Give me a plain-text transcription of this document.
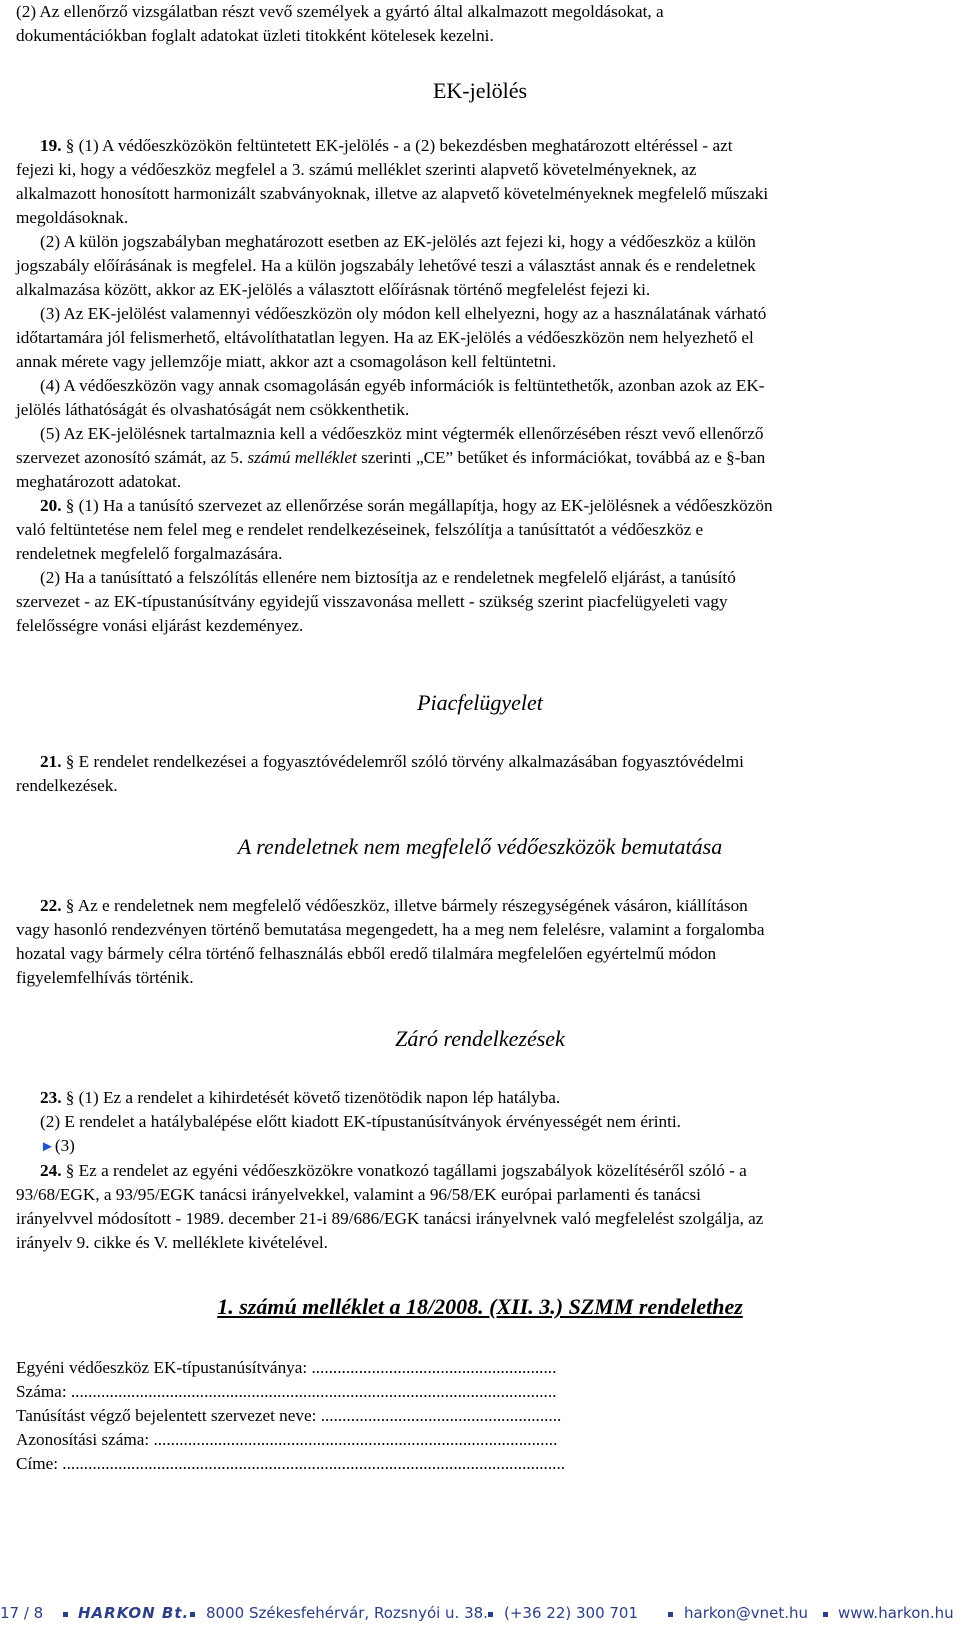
(2) Az ellenőrző vizsgálatban részt vevő személyek a gyártó által alkalmazott megoldásokat, a
dokumentációkban foglalt adatokat üzleti titokként kötelesek kezelni.
EK-jelölés
19. § (1) A védőeszközökön feltüntetett EK-jelölés - a (2) bekezdésben meghatározott eltéréssel - azt
fejezi ki, hogy a védőeszköz megfelel a 3. számú melléklet szerinti alapvető követelményeknek, az
alkalmazott honosított harmonizált szabványoknak, illetve az alapvető követelményeknek megfelelő műszaki
megoldásoknak.
(2) A külön jogszabályban meghatározott esetben az EK-jelölés azt fejezi ki, hogy a védőeszköz a külön
jogszabály előírásának is megfelel. Ha a külön jogszabály lehetővé teszi a választást annak és e rendeletnek
alkalmazása között, akkor az EK-jelölés a választott előírásnak történő megfelelést fejezi ki.
(3) Az EK-jelölést valamennyi védőeszközön oly módon kell elhelyezni, hogy az a használatának várható
időtartamára jól felismerhető, eltávolíthatatlan legyen. Ha az EK-jelölés a védőeszközön nem helyezhető el
annak mérete vagy jellemzője miatt, akkor azt a csomagoláson kell feltüntetni.
(4) A védőeszközön vagy annak csomagolásán egyéb információk is feltüntethetők, azonban azok az EK-
jelölés láthatóságát és olvashatóságát nem csökkenthetik.
(5) Az EK-jelölésnek tartalmaznia kell a védőeszköz mint végtermék ellenőrzésében részt vevő ellenőrző
szervezet azonosító számát, az 5. számú melléklet szerinti „CE” betűket és információkat, továbbá az e §-ban
meghatározott adatokat.
20. § (1) Ha a tanúsító szervezet az ellenőrzése során megállapítja, hogy az EK-jelölésnek a védőeszközön
való feltüntetése nem felel meg e rendelet rendelkezéseinek, felszólítja a tanúsíttatót a védőeszköz e
rendeletnek megfelelő forgalmazására.
(2) Ha a tanúsíttató a felszólítás ellenére nem biztosítja az e rendeletnek megfelelő eljárást, a tanúsító
szervezet - az EK-típustanúsítvány egyidejű visszavonása mellett - szükség szerint piacfelügyeleti vagy
felelősségre vonási eljárást kezdeményez.
Piacfelügyelet
21. § E rendelet rendelkezései a fogyasztóvédelemről szóló törvény alkalmazásában fogyasztóvédelmi
rendelkezések.
A rendeletnek nem megfelelő védőeszközök bemutatása
22. § Az e rendeletnek nem megfelelő védőeszköz, illetve bármely részegységének vásáron, kiállításon
vagy hasonló rendezvényen történő bemutatása megengedett, ha a meg nem felelésre, valamint a forgalomba
hozatal vagy bármely célra történő felhasználás ebből eredő tilalmára megfelelően egyértelmű módon
figyelemfelhívás történik.
Záró rendelkezések
23. § (1) Ez a rendelet a kihirdetését követő tizenötödik napon lép hatályba.
(2) E rendelet a hatálybalépése előtt kiadott EK-típustanúsítványok érvényességét nem érinti.
►(3)
24. § Ez a rendelet az egyéni védőeszközökre vonatkozó tagállami jogszabályok közelítéséről szóló - a
93/68/EGK, a 93/95/EGK tanácsi irányelvekkel, valamint a 96/58/EK európai parlamenti és tanácsi
irányelvvel módosított - 1989. december 21-i 89/686/EGK tanácsi irányelvnek való megfelelést szolgálja, az
irányelv 9. cikke és V. melléklete kivételével.
1. számú melléklet a 18/2008. (XII. 3.) SZMM rendelethez
Egyéni védőeszköz EK-típustanúsítványa: .........................................................
Száma: .................................................................................................................
Tanúsítást végző bejelentett szervezet neve: ........................................................
Azonosítási száma: ..............................................................................................
Címe: .....................................................................................................................
17 / 8 HARKON Bt. 8000 Székesfehérvár, Rozsnyói u. 38. (+36 22) 300 701	harkon@vnet.hu www.harkon.hu
